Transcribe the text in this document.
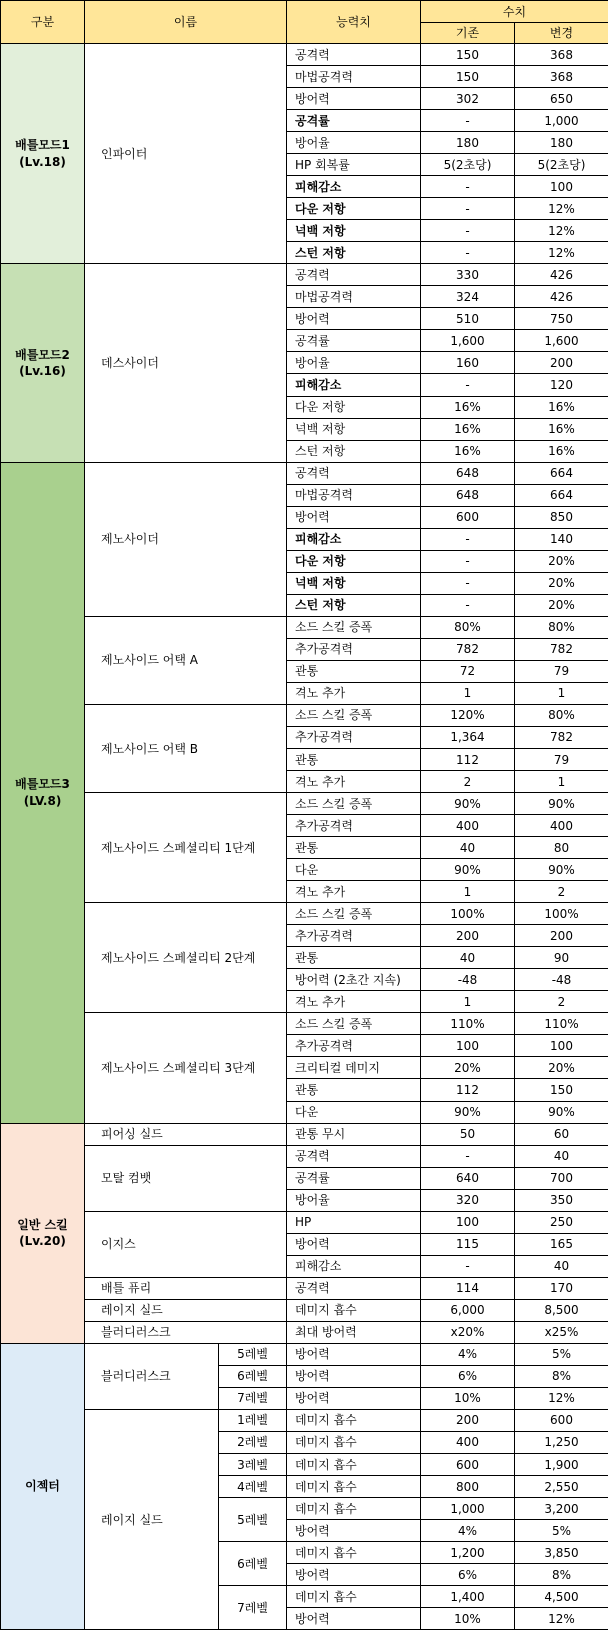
구분	이름		능력치	수치	
				기존	변경
배틀모드1
(Lv.18)	인파이터		공격력	150	368
			마법공격력	150	368
			방어력	302	650
			공격률	-	1,000
			방어율	180	180
			HP 회복률	5(2초당)	5(2초당)
			피해감소	-	100
			다운 저항	-	12%
			넉백 저항	-	12%
			스턴 저항	-	12%
배틀모드2
(Lv.16)	데스사이더		공격력	330	426
			마법공격력	324	426
			방어력	510	750
			공격률	1,600	1,600
			방어율	160	200
			피해감소	-	120
			다운 저항	16%	16%
			넉백 저항	16%	16%
			스턴 저항	16%	16%
배틀모드3
(LV.8)	제노사이더		공격력	648	664
			마법공격력	648	664
			방어력	600	850
			피해감소	-	140
			다운 저항	-	20%
			넉백 저항	-	20%
			스턴 저항	-	20%
	제노사이드 어택 A		소드 스킬 증폭	80%	80%
			추가공격력	782	782
			관통	72	79
			격노 추가	1	1
	제노사이드 어택 B		소드 스킬 증폭	120%	80%
			추가공격력	1,364	782
			관통	112	79
			격노 추가	2	1
	제노사이드 스페셜리티 1단계		소드 스킬 증폭	90%	90%
			추가공격력	400	400
			관통	40	80
			다운	90%	90%
			격노 추가	1	2
	제노사이드 스페셜리티 2단계		소드 스킬 증폭	100%	100%
			추가공격력	200	200
			관통	40	90
			방어력 (2초간 지속)	-48	-48
			격노 추가	1	2
	제노사이드 스페셜리티 3단계		소드 스킬 증폭	110%	110%
			추가공격력	100	100
			크리티컬 데미지	20%	20%
			관통	112	150
			다운	90%	90%
일반 스킬
(Lv.20)	피어싱 실드		관통 무시	50	60
	모탈 컴뱃		공격력	-	40
			공격률	640	700
			방어율	320	350
	이지스		HP	100	250
			방어력	115	165
			피해감소	-	40
	배틀 퓨리		공격력	114	170
	레이지 실드		데미지 흡수	6,000	8,500
	블러디러스크		최대 방어력	x20%	x25%
이젝터	블러디러스크	5레벨	방어력	4%	5%
		6레벨	방어력	6%	8%
		7레벨	방어력	10%	12%
	레이지 실드	1레벨	데미지 흡수	200	600
		2레벨	데미지 흡수	400	1,250
		3레벨	데미지 흡수	600	1,900
		4레벨	데미지 흡수	800	2,550
		5레벨	데미지 흡수	1,000	3,200
			방어력	4%	5%
		6레벨	데미지 흡수	1,200	3,850
			방어력	6%	8%
		7레벨	데미지 흡수	1,400	4,500
			방어력	10%	12%
